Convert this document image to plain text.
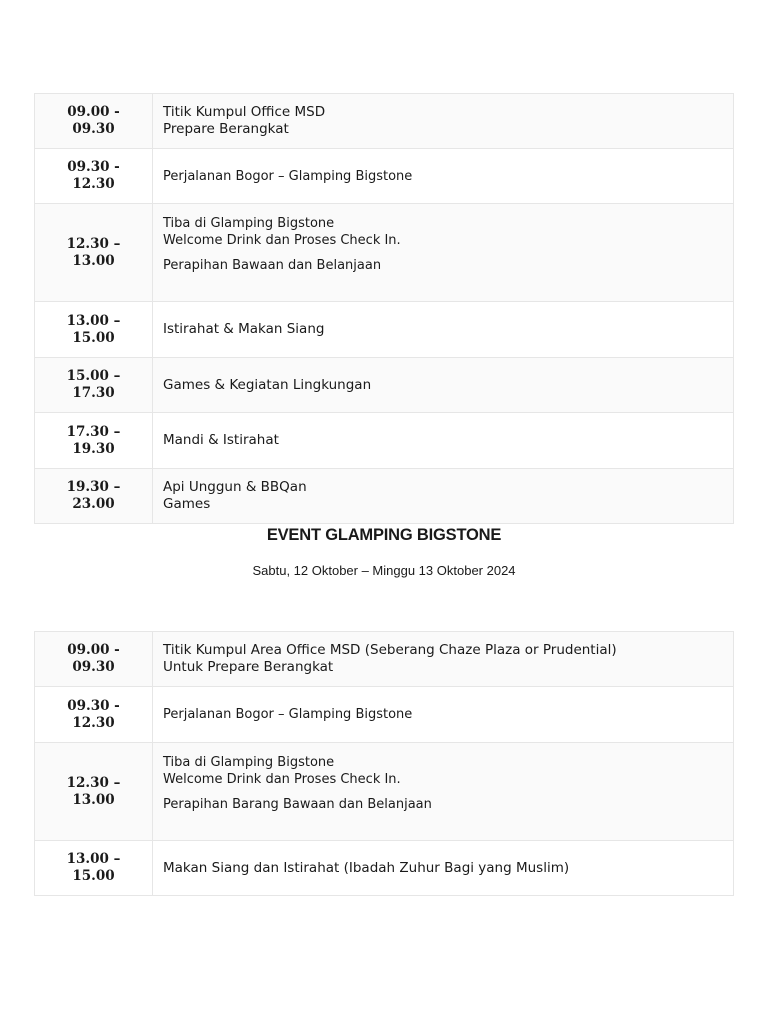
09.00 -
09.30	Titik Kumpul Office MSD
Prepare Berangkat

09.30 -
12.30	Perjalanan Bogor – Glamping Bigstone

12.30 –
13.00	Tiba di Glamping Bigstone
Welcome Drink dan Proses Check In.
Perapihan Bawaan dan Belanjaan

13.00 –
15.00	Istirahat & Makan Siang

15.00 –
17.30	Games & Kegiatan Lingkungan

17.30 –
19.30	Mandi & Istirahat

19.30 –
23.00	Api Unggun & BBQan
Games
EVENT GLAMPING BIGSTONE
Sabtu, 12 Oktober – Minggu 13 Oktober 2024
09.00 -
09.30	Titik Kumpul Area Office MSD (Seberang Chaze Plaza or Prudential)
Untuk Prepare Berangkat

09.30 -
12.30	Perjalanan Bogor – Glamping Bigstone

12.30 –
13.00	Tiba di Glamping Bigstone
Welcome Drink dan Proses Check In.
Perapihan Barang Bawaan dan Belanjaan

13.00 –
15.00	Makan Siang dan Istirahat (Ibadah Zuhur Bagi yang Muslim)
